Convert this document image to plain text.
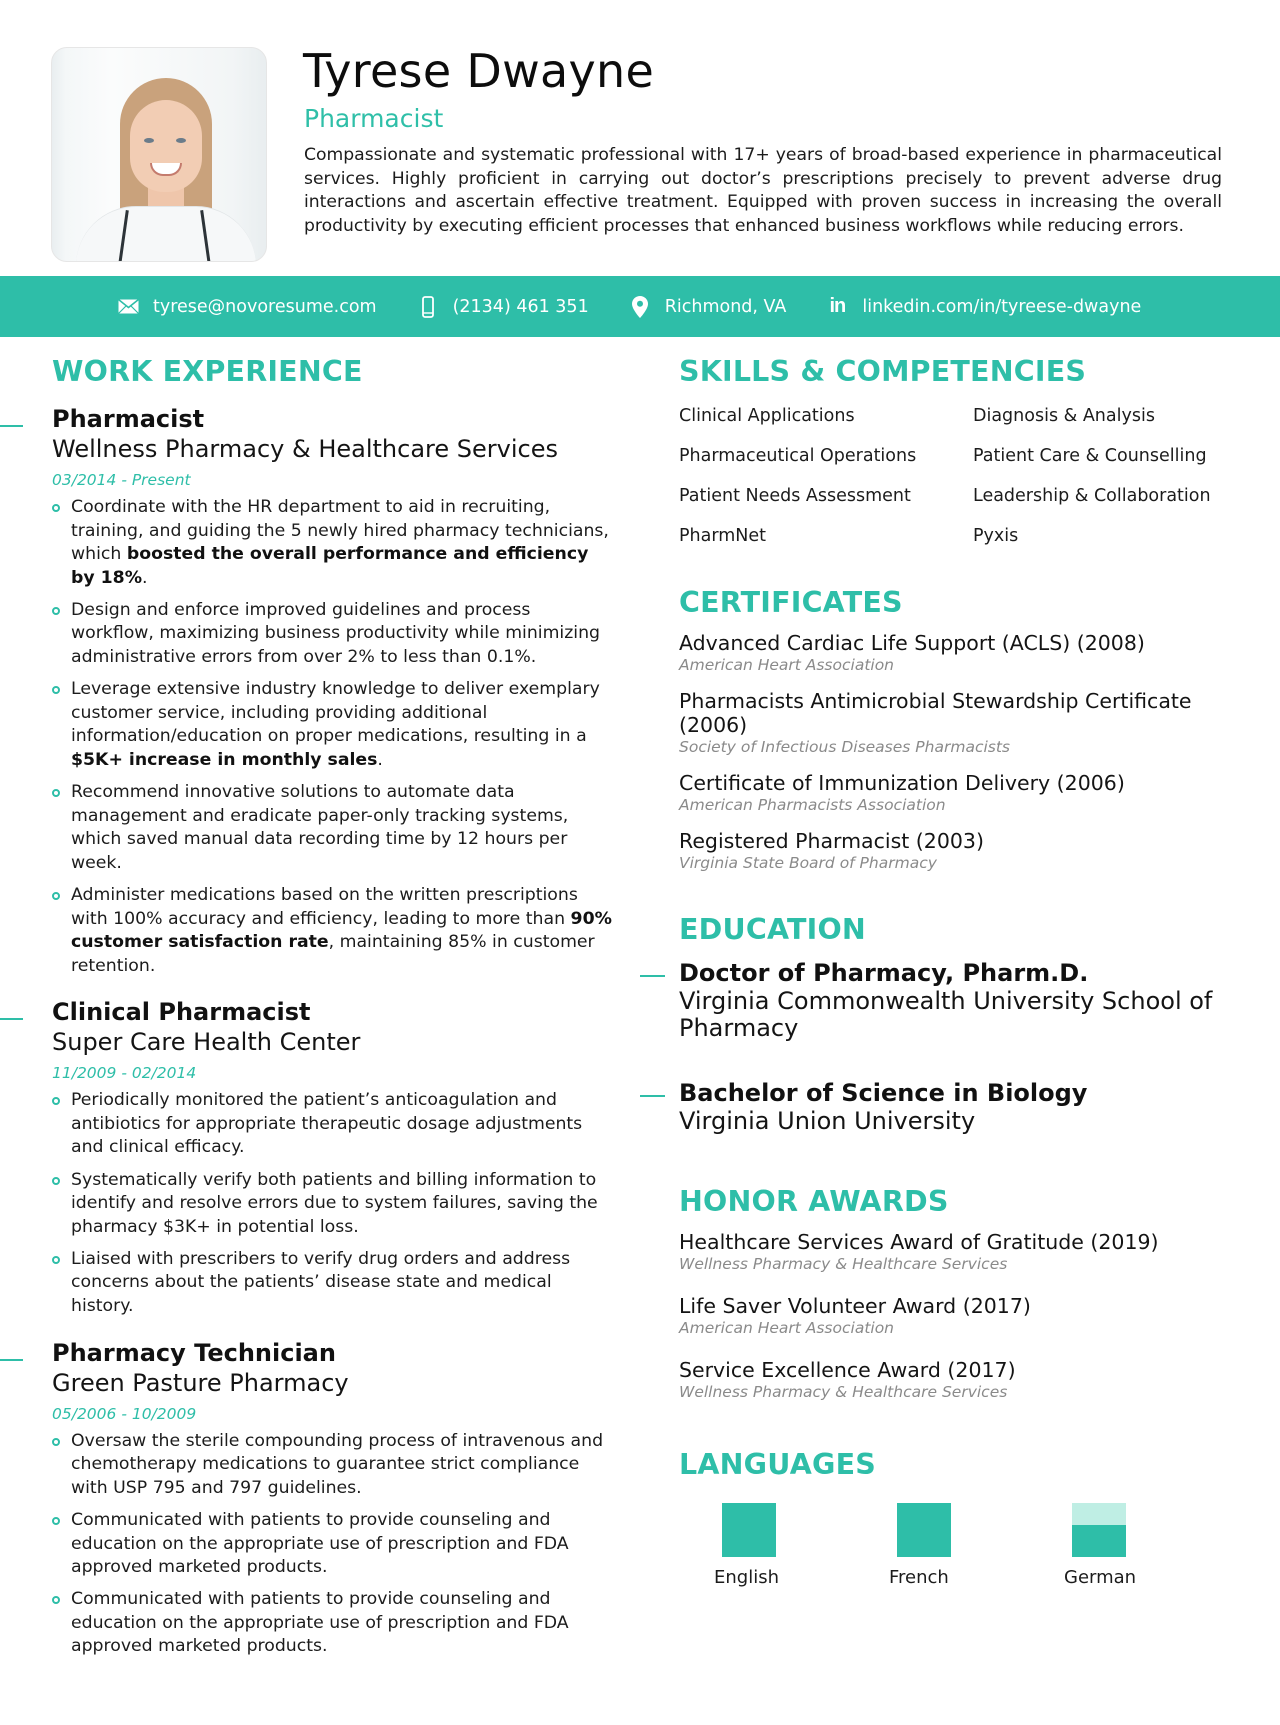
Tyrese Dwayne
Pharmacist

Compassionate and systematic professional with 17+ years of broad-based experience in pharmaceutical services. Highly proficient in carrying out doctor’s prescriptions precisely to prevent adverse drug interactions and ascertain effective treatment. Equipped with proven success in increasing the overall productivity by executing efficient processes that enhanced business workflows while reducing errors.

tyrese@novoresume.com	(2134) 461 351	Richmond, VA in linkedin.com/in/tyreese-dwayne
WORK EXPERIENCE
Pharmacist
Wellness Pharmacy & Healthcare Services
03/2014 - Present
Coordinate with the HR department to aid in recruiting, training, and guiding the 5 newly hired pharmacy technicians, which boosted the overall performance and efficiency by 18%.
Design and enforce improved guidelines and process workflow, maximizing business productivity while minimizing administrative errors from over 2% to less than 0.1%.
Leverage extensive industry knowledge to deliver exemplary customer service, including providing additional information/education on proper medications, resulting in a $5K+ increase in monthly sales.
Recommend innovative solutions to automate data management and eradicate paper-only tracking systems, which saved manual data recording time by 12 hours per week.
Administer medications based on the written prescriptions with 100% accuracy and efficiency, leading to more than 90% customer satisfaction rate, maintaining 85% in customer retention.
Clinical Pharmacist
Super Care Health Center
11/2009 - 02/2014
Periodically monitored the patient’s anticoagulation and antibiotics for appropriate therapeutic dosage adjustments and clinical efficacy.
Systematically verify both patients and billing information to identify and resolve errors due to system failures, saving the pharmacy $3K+ in potential loss.
Liaised with prescribers to verify drug orders and address concerns about the patients’ disease state and medical history.
Pharmacy Technician
Green Pasture Pharmacy
05/2006 - 10/2009
Oversaw the sterile compounding process of intravenous and chemotherapy medications to guarantee strict compliance with USP 795 and 797 guidelines.
Communicated with patients to provide counseling and education on the appropriate use of prescription and FDA approved marketed products.
Communicated with patients to provide counseling and education on the appropriate use of prescription and FDA approved marketed products.
SKILLS & COMPETENCIES
Clinical Applications	Diagnosis & Analysis
Pharmaceutical Operations	Patient Care & Counselling
Patient Needs Assessment	Leadership & Collaboration
PharmNet	Pyxis
CERTIFICATES
Advanced Cardiac Life Support (ACLS) (2008)
American Heart Association
Pharmacists Antimicrobial Stewardship Certificate (2006)
Society of Infectious Diseases Pharmacists
Certificate of Immunization Delivery (2006)
American Pharmacists Association
Registered Pharmacist (2003)
Virginia State Board of Pharmacy
EDUCATION
Doctor of Pharmacy, Pharm.D.
Virginia Commonwealth University School of Pharmacy
Bachelor of Science in Biology
Virginia Union University
HONOR AWARDS
Healthcare Services Award of Gratitude (2019)
Wellness Pharmacy & Healthcare Services
Life Saver Volunteer Award (2017)
American Heart Association
Service Excellence Award (2017)
Wellness Pharmacy & Healthcare Services
LANGUAGES
English	French	German
